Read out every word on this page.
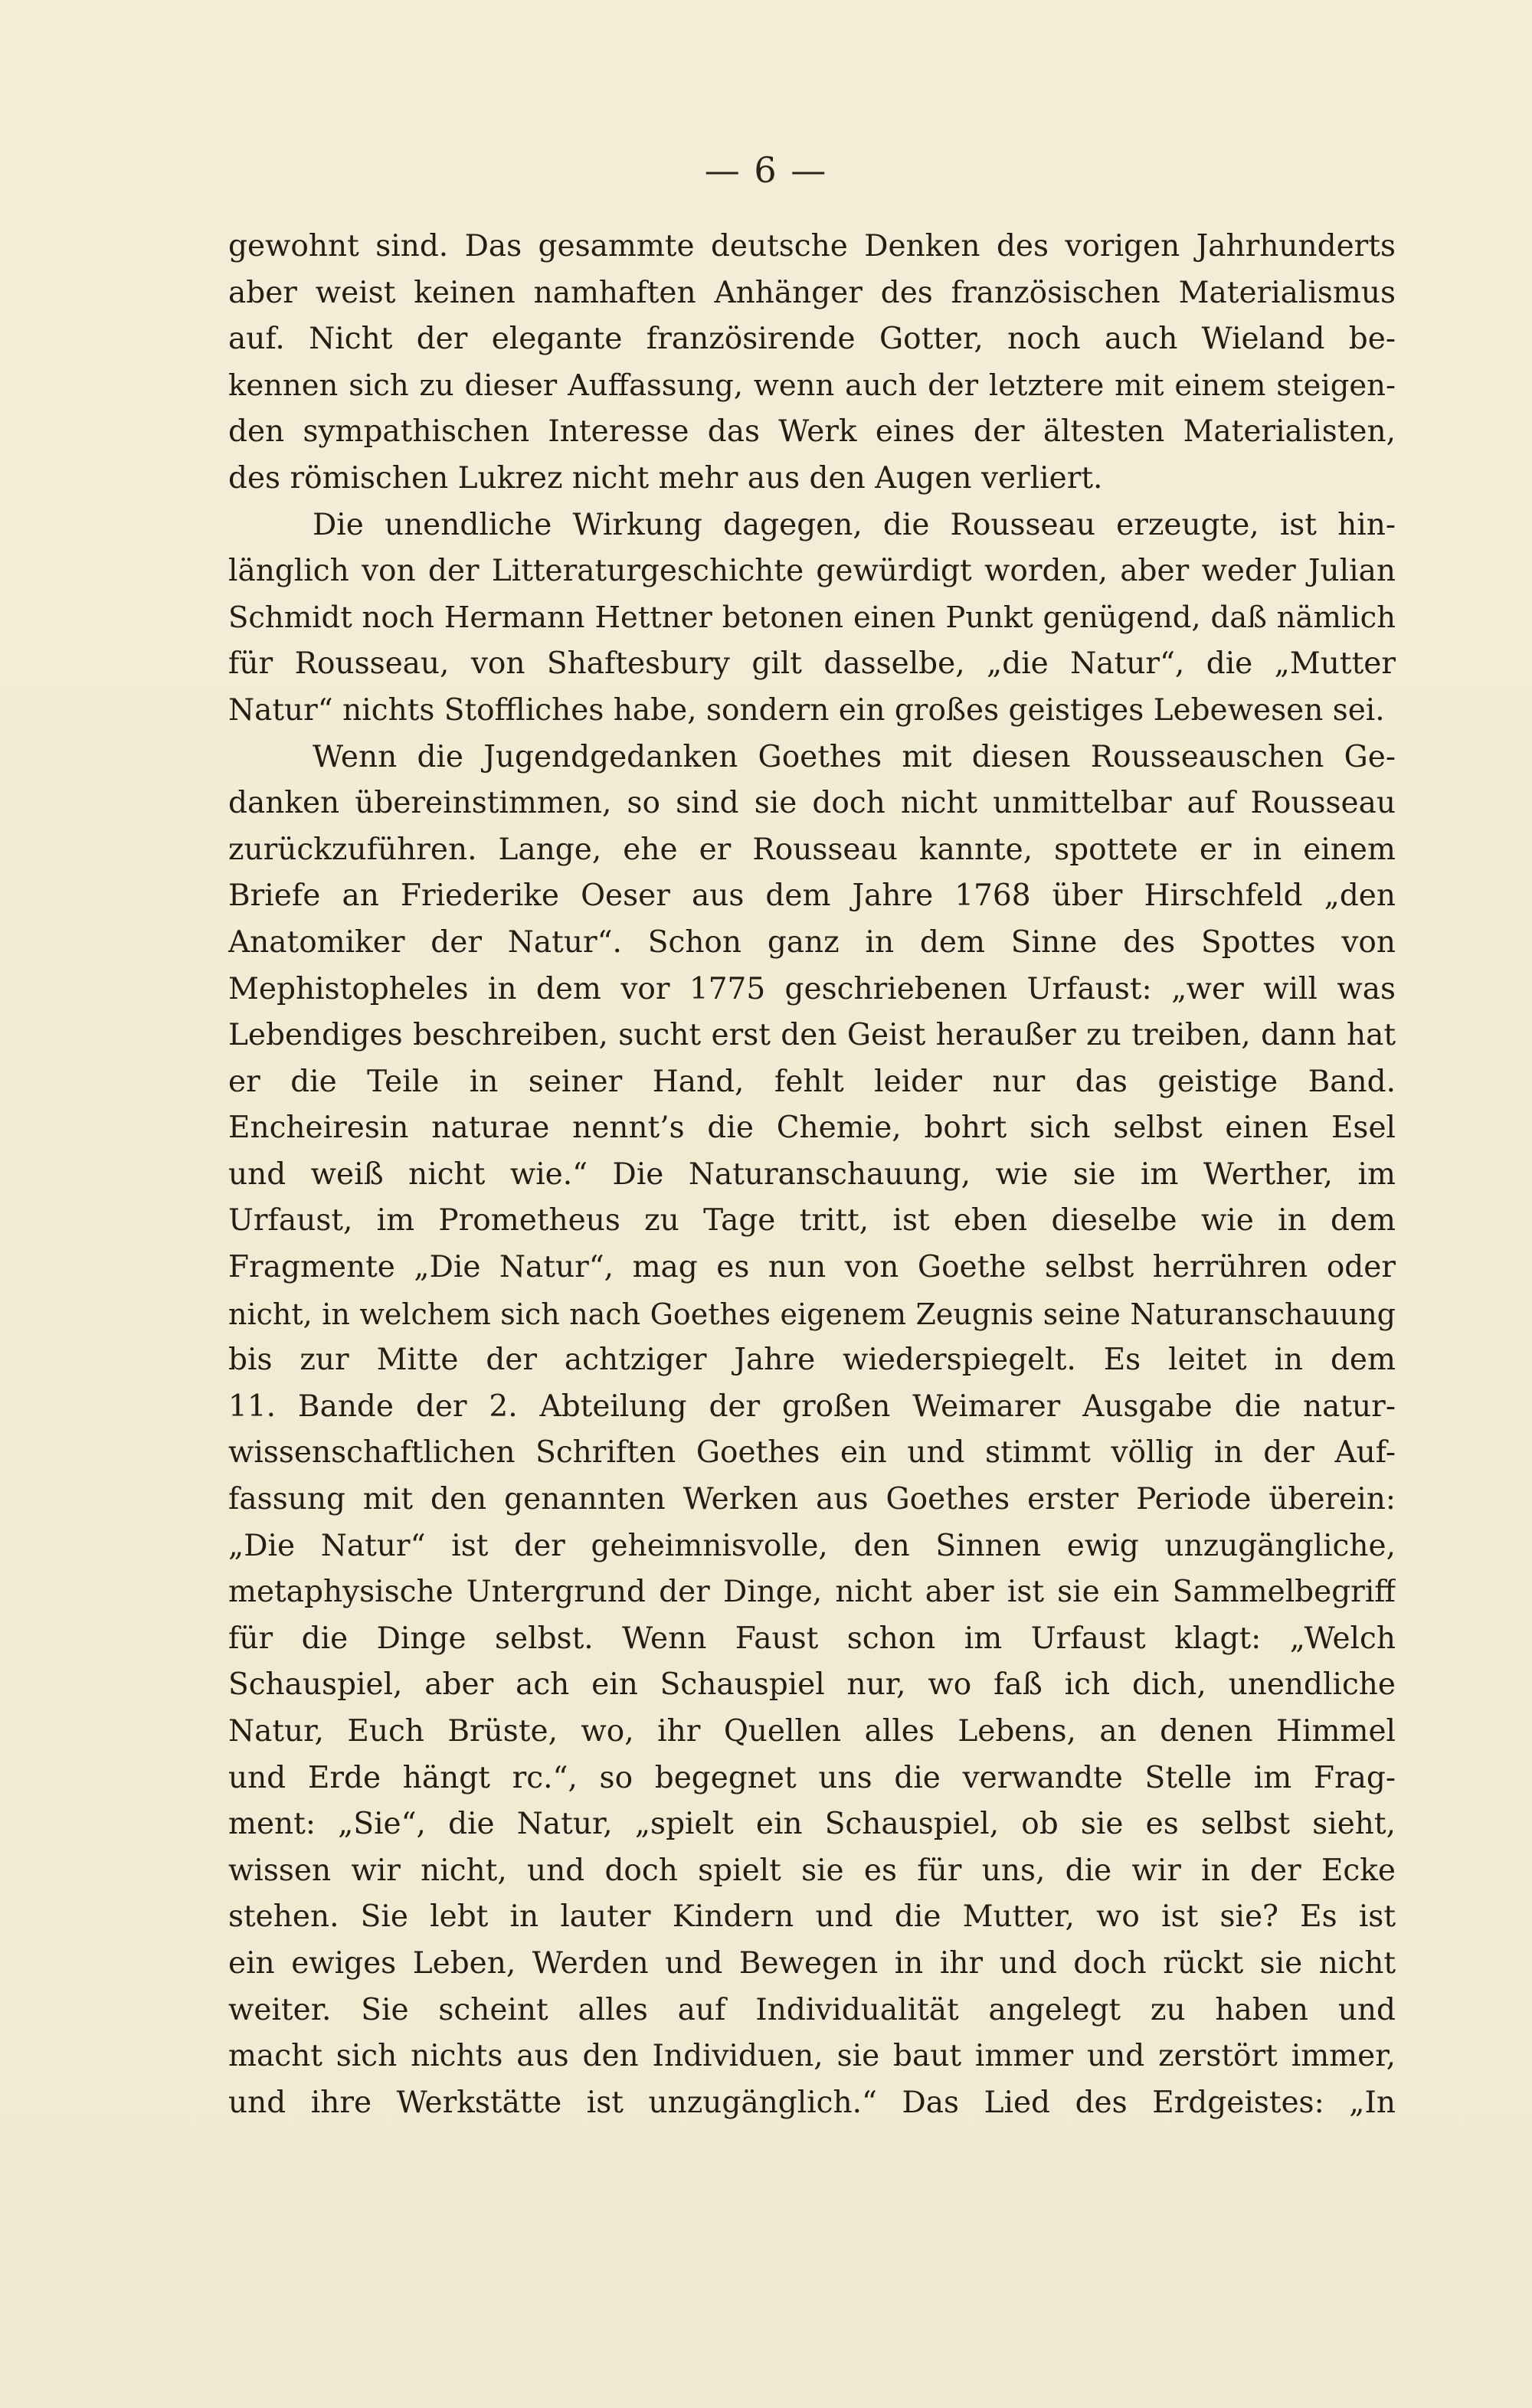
— 6 —
gewohnt sind. Das gesammte deutsche Denken des vorigen Jahrhunderts
aber weist keinen namhaften Anhänger des französischen Materialismus
auf. Nicht der elegante französirende Gotter, noch auch Wieland be-
kennen sich zu dieser Auffassung, wenn auch der letztere mit einem steigen-
den sympathischen Interesse das Werk eines der ältesten Materialisten,
des römischen Lukrez nicht mehr aus den Augen verliert.
Die unendliche Wirkung dagegen, die Rousseau erzeugte, ist hin-
länglich von der Litteraturgeschichte gewürdigt worden, aber weder Julian
Schmidt noch Hermann Hettner betonen einen Punkt genügend, daß nämlich
für Rousseau, von Shaftesbury gilt dasselbe, „die Natur“, die „Mutter
Natur“ nichts Stoffliches habe, sondern ein großes geistiges Lebewesen sei.
Wenn die Jugendgedanken Goethes mit diesen Rousseauschen Ge-
danken übereinstimmen, so sind sie doch nicht unmittelbar auf Rousseau
zurückzuführen. Lange, ehe er Rousseau kannte, spottete er in einem
Briefe an Friederike Oeser aus dem Jahre 1768 über Hirschfeld „den
Anatomiker der Natur“. Schon ganz in dem Sinne des Spottes von
Mephistopheles in dem vor 1775 geschriebenen Urfaust: „wer will was
Lebendiges beschreiben, sucht erst den Geist heraußer zu treiben, dann hat
er die Teile in seiner Hand, fehlt leider nur das geistige Band.
Encheiresin naturae nennt’s die Chemie, bohrt sich selbst einen Esel
und weiß nicht wie.“ Die Naturanschauung, wie sie im Werther, im
Urfaust, im Prometheus zu Tage tritt, ist eben dieselbe wie in dem
Fragmente „Die Natur“, mag es nun von Goethe selbst herrühren oder
nicht, in welchem sich nach Goethes eigenem Zeugnis seine Naturanschauung
bis zur Mitte der achtziger Jahre wiederspiegelt. Es leitet in dem
11. Bande der 2. Abteilung der großen Weimarer Ausgabe die natur-
wissenschaftlichen Schriften Goethes ein und stimmt völlig in der Auf-
fassung mit den genannten Werken aus Goethes erster Periode überein:
„Die Natur“ ist der geheimnisvolle, den Sinnen ewig unzugängliche,
metaphysische Untergrund der Dinge, nicht aber ist sie ein Sammelbegriff
für die Dinge selbst. Wenn Faust schon im Urfaust klagt: „Welch
Schauspiel, aber ach ein Schauspiel nur, wo faß ich dich, unendliche
Natur, Euch Brüste, wo, ihr Quellen alles Lebens, an denen Himmel
und Erde hängt rc.“, so begegnet uns die verwandte Stelle im Frag-
ment: „Sie“, die Natur, „spielt ein Schauspiel, ob sie es selbst sieht,
wissen wir nicht, und doch spielt sie es für uns, die wir in der Ecke
stehen. Sie lebt in lauter Kindern und die Mutter, wo ist sie? Es ist
ein ewiges Leben, Werden und Bewegen in ihr und doch rückt sie nicht
weiter. Sie scheint alles auf Individualität angelegt zu haben und
macht sich nichts aus den Individuen, sie baut immer und zerstört immer,
und ihre Werkstätte ist unzugänglich.“ Das Lied des Erdgeistes: „In
